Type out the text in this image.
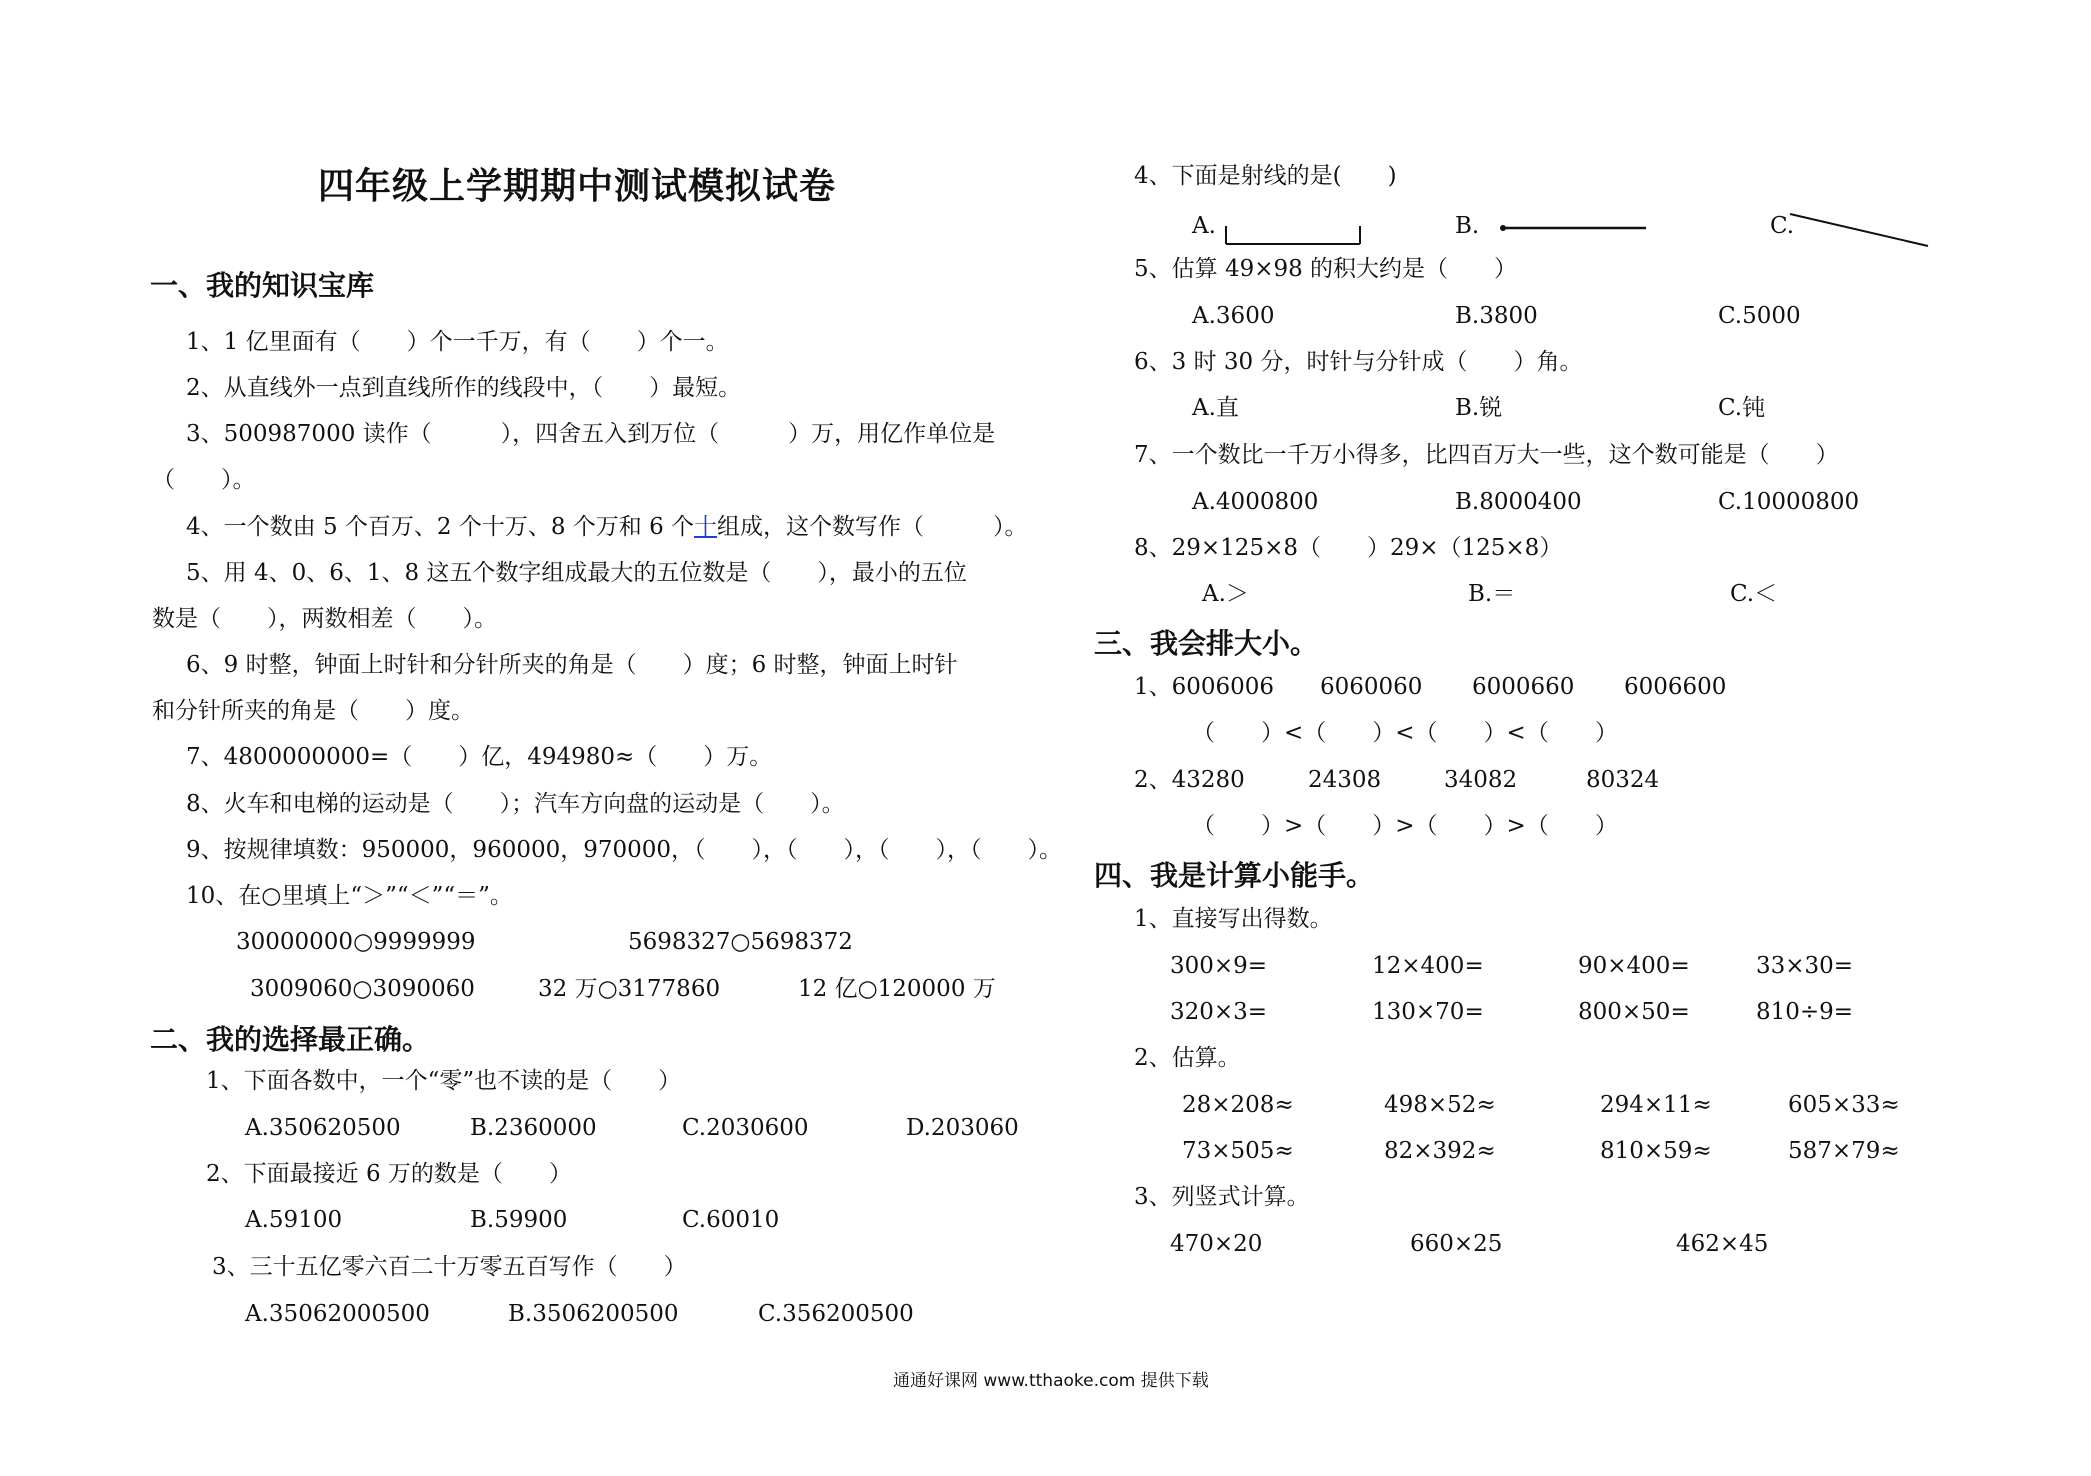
四年级上学期期中测试模拟试卷
一、我的知识宝库
1、1 亿里面有（　　）个一千万，有（　　）个一。
2、从直线外一点到直线所作的线段中，（　　）最短。
3、500987000 读作（　　　），四舍五入到万位（　　　）万，用亿作单位是
（　　）。
4、一个数由 5 个百万、2 个十万、8 个万和 6 个十组成，这个数写作（　　　）。
5、用 4、0、6、1、8 这五个数字组成最大的五位数是（　　），最小的五位
数是（　　），两数相差（　　）。
6、9 时整，钟面上时针和分针所夹的角是（　　）度；6 时整，钟面上时针
和分针所夹的角是（　　）度。
7、4800000000=（　　）亿，494980≈（　　）万。
8、火车和电梯的运动是（　　）；汽车方向盘的运动是（　　）。
9、按规律填数：950000，960000，970000，（　　），（　　），（　　），（　　）。
10、在○里填上“＞”“＜”“＝”。
30000000○9999999	5698327○5698372
3009060○3090060	32 万○3177860	12 亿○120000 万
二、我的选择最正确。
1、下面各数中，一个“零”也不读的是（　　）
A.350620500	B.2360000	C.2030600	D.203060
2、下面最接近 6 万的数是（　　）
A.59100	B.59900	C.60010
3、三十五亿零六百二十万零五百写作（　　）
A.35062000500	B.3506200500	C.356200500
4、下面是射线的是(　　)
A.	B.	C.
5、估算 49×98 的积大约是（　　）
A.3600	B.3800	C.5000
6、3 时 30 分，时针与分针成（　　）角。
A.直	B.锐	C.钝
7、一个数比一千万小得多，比四百万大一些，这个数可能是（　　）
A.4000800	B.8000400	C.10000800
8、29×125×8（　　）29×（125×8）
A.＞	B.＝	C.＜
三、我会排大小。
1、6006006 6060060 6000660 6006600
（　　）<（　　）<（　　）<（　　）
2、43280	24308	34082	80324
（　　）>（　　）>（　　）>（　　）
四、我是计算小能手。
1、直接写出得数。
300×9=	12×400=	90×400=	33×30=
320×3=	130×70=	800×50=	810÷9=
2、估算。
28×208≈	498×52≈	294×11≈	605×33≈
73×505≈	82×392≈	810×59≈	587×79≈
3、列竖式计算。
470×20	660×25	462×45
通通好课网 www.tthaoke.com 提供下载
